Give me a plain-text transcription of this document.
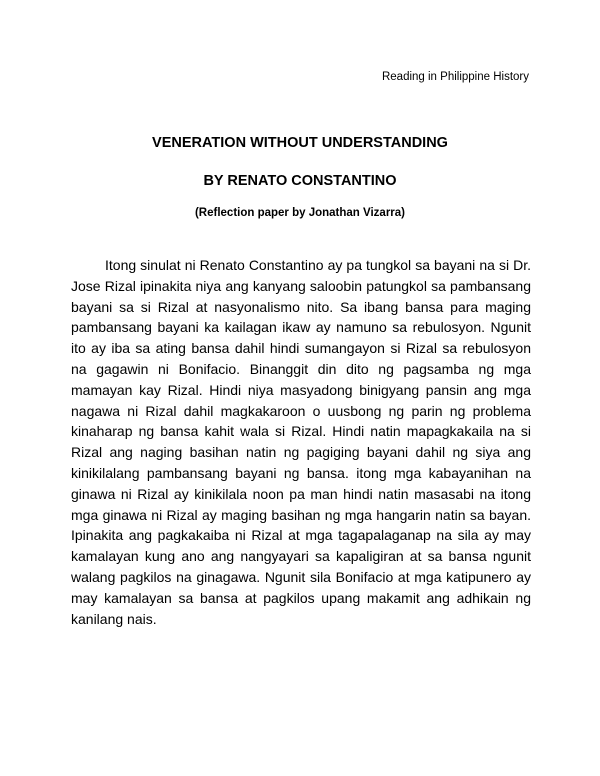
Reading in Philippine History
VENERATION WITHOUT UNDERSTANDING
BY RENATO CONSTANTINO
(Reflection paper by Jonathan Vizarra)

Itong sinulat ni Renato Constantino ay pa tungkol sa bayani na si Dr. Jose Rizal ipinakita niya ang kanyang saloobin patungkol sa pambansang bayani sa si Rizal at nasyonalismo nito. Sa ibang bansa para maging pambansang bayani ka kailagan ikaw ay namuno sa rebulosyon. Ngunit ito ay iba sa ating bansa dahil hindi sumangayon si Rizal sa rebulosyon na gagawin ni Bonifacio. Binanggit din dito ng pagsamba ng mga mamayan kay Rizal. Hindi niya masyadong binigyang pansin ang mga nagawa ni Rizal dahil magkakaroon o uusbong ng parin ng problema kinaharap ng bansa kahit wala si Rizal. Hindi natin mapagkakaila na si Rizal ang naging basihan natin ng pagiging bayani dahil ng siya ang kinikilalang pambansang bayani ng bansa. itong mga kabayanihan na ginawa ni Rizal ay kinikilala noon pa man hindi natin masasabi na itong mga ginawa ni Rizal ay maging basihan ng mga hangarin natin sa bayan. Ipinakita ang pagkakaiba ni Rizal at mga tagapalaganap na sila ay may kamalayan kung ano ang nangyayari sa kapaligiran at sa bansa ngunit walang pagkilos na ginagawa. Ngunit sila Bonifacio at mga katipunero ay may kamalayan sa bansa at pagkilos upang makamit ang adhikain ng kanilang nais.
